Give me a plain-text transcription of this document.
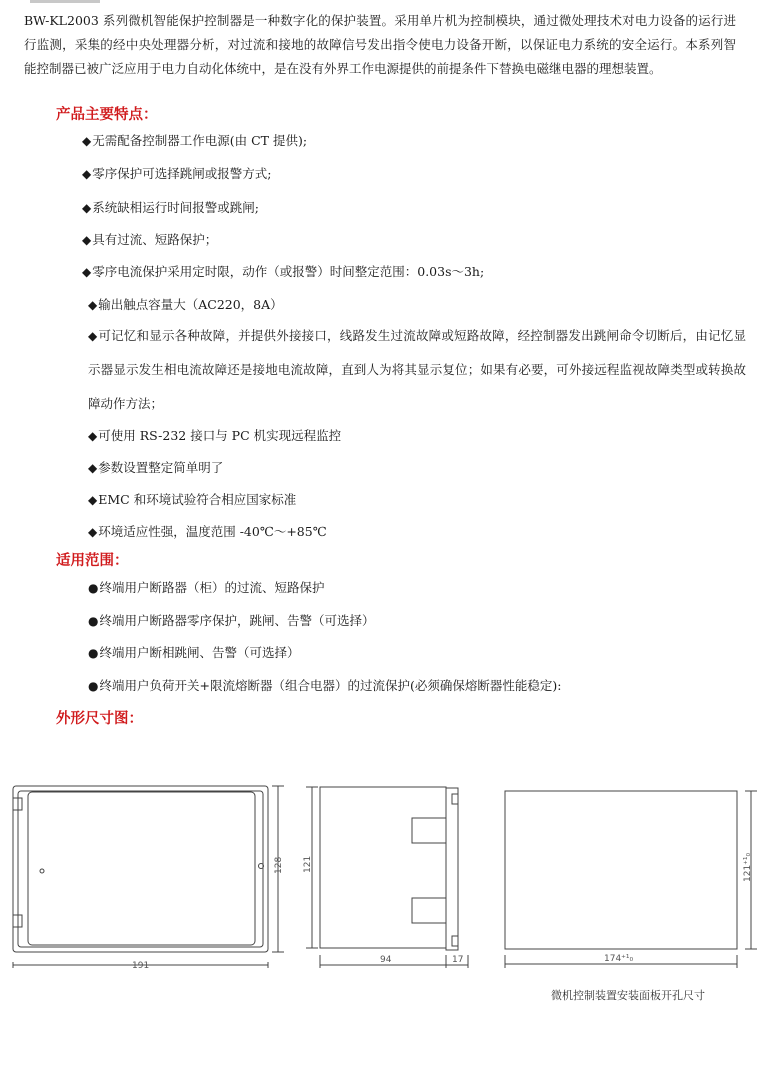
BW-KL2003 系列微机智能保护控制器是一种数字化的保护装置。采用单片机为控制模块，通过微处理技术对电力设备的运行进行监测，采集的经中央处理器分析，对过流和接地的故障信号发出指令使电力设备开断，以保证电力系统的安全运行。本系列智能控制器已被广泛应用于电力自动化体统中，是在没有外界工作电源提供的前提条件下替换电磁继电器的理想装置。

产品主要特点：

◆无需配备控制器工作电源(由 CT 提供);

◆零序保护可选择跳闸或报警方式;

◆系统缺相运行时间报警或跳闸;

◆具有过流、短路保护；

◆零序电流保护采用定时限，动作（或报警）时间整定范围：0.03s～3h;

◆输出触点容量大（AC220，8A）

◆可记忆和显示各种故障，并提供外接接口，线路发生过流故障或短路故障，经控制器发出跳闸命令切断后，由记忆显示器显示发生相电流故障还是接地电流故障，直到人为将其显示复位；如果有必要，可外接远程监视故障类型或转换故障动作方法；

◆可使用 RS-232 接口与 PC 机实现远程监控

◆参数设置整定简单明了

◆EMC 和环境试验符合相应国家标准

◆环境适应性强，温度范围 -40℃～+85℃

适用范围：

●终端用户断路器（柜）的过流、短路保护

●终端用户断路器零序保护，跳闸、告警（可选择）

●终端用户断相跳闸、告警（可选择）

●终端用户负荷开关+限流熔断器（组合电器）的过流保护(必须确保熔断器性能稳定):

外形尺寸图：

128
191
121
94	17
121⁺¹₀
174⁺¹₀

微机控制装置安装面板开孔尺寸
